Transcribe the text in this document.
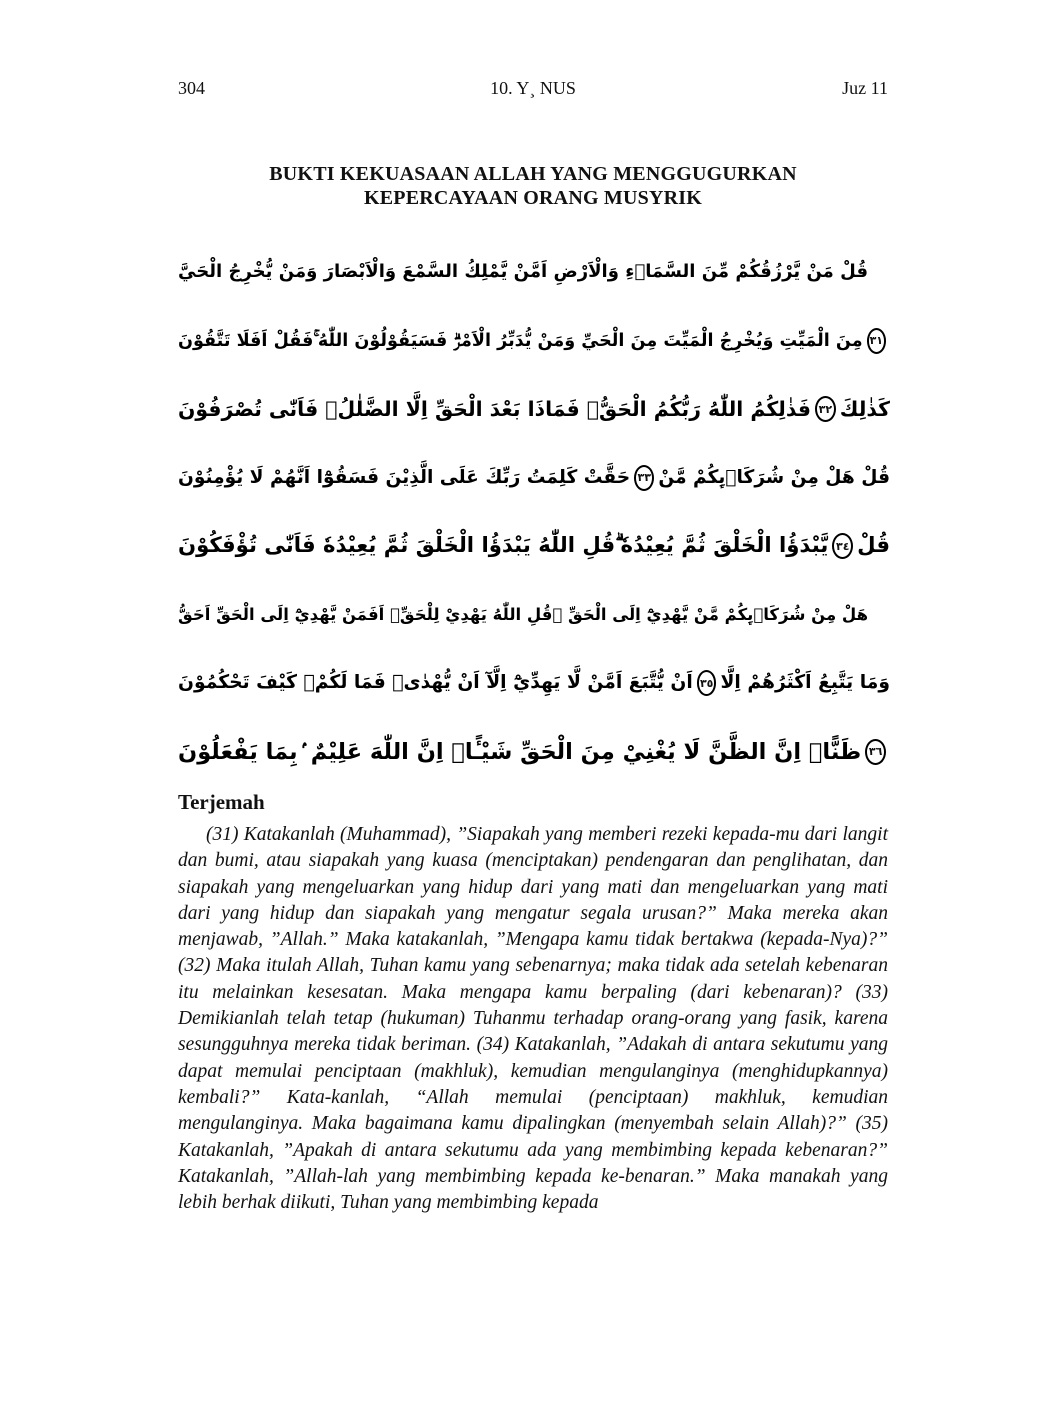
304	10. Y¸ NUS	Juz 11
BUKTI KEKUASAAN ALLAH YANG MENGGUGURKAN
KEPERCAYAAN ORANG MUSYRIK
قُلْ مَنْ يَّرْزُقُكُمْ مِّنَ السَّمَاۤءِ وَالْاَرْضِ اَمَّنْ يَّمْلِكُ السَّمْعَ وَالْاَبْصَارَ وَمَنْ يُّخْرِجُ الْحَيَّ
مِنَ الْمَيِّتِ وَيُخْرِجُ الْمَيِّتَ مِنَ الْحَيِّ وَمَنْ يُّدَبِّرُ الْاَمْرَۗ فَسَيَقُوْلُوْنَ اللّٰهُ ۚفَقُلْ اَفَلَا تَتَّقُوْنَ ٣١
فَذٰلِكُمُ اللّٰهُ رَبُّكُمُ الْحَقُّۚ فَمَاذَا بَعْدَ الْحَقِّ اِلَّا الضَّلٰلُۖ فَاَنّٰى تُصْرَفُوْنَ ٣٢ كَذٰلِكَ
حَقَّتْ كَلِمَتُ رَبِّكَ عَلَى الَّذِيْنَ فَسَقُوْٓا اَنَّهُمْ لَا يُؤْمِنُوْنَ ٣٣ قُلْ هَلْ مِنْ شُرَكَاۤىِٕكُمْ مَّنْ
يَّبْدَؤُا الْخَلْقَ ثُمَّ يُعِيْدُهٗ ۗقُلِ اللّٰهُ يَبْدَؤُا الْخَلْقَ ثُمَّ يُعِيْدُهٗ فَاَنّٰى تُؤْفَكُوْنَ ٣٤ قُلْ
هَلْ مِنْ شُرَكَاۤىِٕكُمْ مَّنْ يَّهْدِيْٓ اِلَى الْحَقِّ ۗقُلِ اللّٰهُ يَهْدِيْ لِلْحَقِّۗ اَفَمَنْ يَّهْدِيْٓ اِلَى الْحَقِّ اَحَقُّ
اَنْ يُّتَّبَعَ اَمَّنْ لَّا يَهِدِّيْٓ اِلَّآ اَنْ يُّهْدٰىۚ فَمَا لَكُمْۗ كَيْفَ تَحْكُمُوْنَ ٣٥ وَمَا يَتَّبِعُ اَكْثَرُهُمْ اِلَّا
ظَنًّاۗ اِنَّ الظَّنَّ لَا يُغْنِيْ مِنَ الْحَقِّ شَيْـًٔاۗ اِنَّ اللّٰهَ عَلِيْمٌ ۢبِمَا يَفْعَلُوْنَ ٣٦
Terjemah

(31) Katakanlah (Muhammad), ”Siapakah yang memberi rezeki kepada-mu dari langit dan bumi, atau siapakah yang kuasa (menciptakan) pendengaran dan penglihatan, dan siapakah yang mengeluarkan yang hidup dari yang mati dan mengeluarkan yang mati dari yang hidup dan siapakah yang mengatur segala urusan?” Maka mereka akan menjawab, ”Allah.” Maka katakanlah, ”Mengapa kamu tidak bertakwa (kepada-Nya)?” (32) Maka itulah Allah, Tuhan kamu yang sebenarnya; maka tidak ada setelah kebenaran itu melainkan kesesatan. Maka mengapa kamu berpaling (dari kebenaran)? (33) Demikianlah telah tetap (hukuman) Tuhanmu terhadap orang-orang yang fasik, karena sesungguhnya mereka tidak beriman. (34) Katakanlah, ”Adakah di antara sekutumu yang dapat memulai penciptaan (makhluk), kemudian mengulanginya (menghidupkannya) kembali?” Kata-kanlah, “Allah memulai (penciptaan) makhluk, kemudian mengulanginya. Maka bagaimana kamu dipalingkan (menyembah selain Allah)?” (35) Katakanlah, ”Apakah di antara sekutumu ada yang membimbing kepada kebenaran?” Katakanlah, ”Allah-lah yang membimbing kepada ke-benaran.” Maka manakah yang lebih berhak diikuti, Tuhan yang membimbing kepada
